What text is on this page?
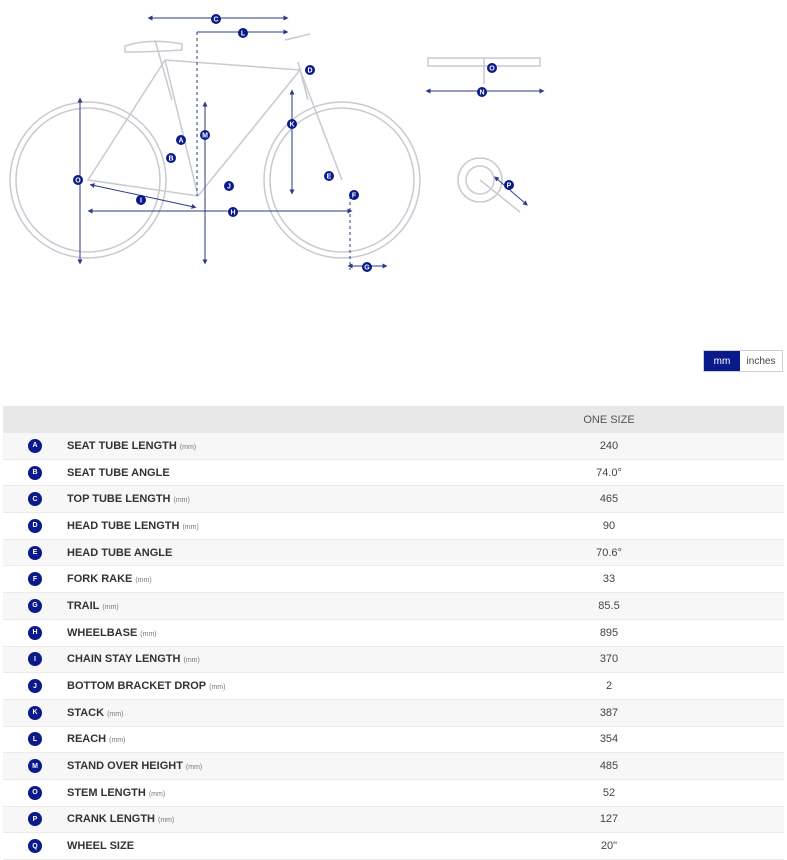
C
L
D
A
M
K
B
E
O
J
F
I
H
G
O
N
P
mm	inches
		ONE SIZE
A	SEAT TUBE LENGTH (mm)	240
B	SEAT TUBE ANGLE	74.0°
C	TOP TUBE LENGTH (mm)	465
D	HEAD TUBE LENGTH (mm)	90
E	HEAD TUBE ANGLE	70.6°
F	FORK RAKE (mm)	33
G	TRAIL (mm)	85.5
H	WHEELBASE (mm)	895
I	CHAIN STAY LENGTH (mm)	370
J	BOTTOM BRACKET DROP (mm)	2
K	STACK (mm)	387
L	REACH (mm)	354
M	STAND OVER HEIGHT (mm)	485
O	STEM LENGTH (mm)	52
P	CRANK LENGTH (mm)	127
Q	WHEEL SIZE	20"
